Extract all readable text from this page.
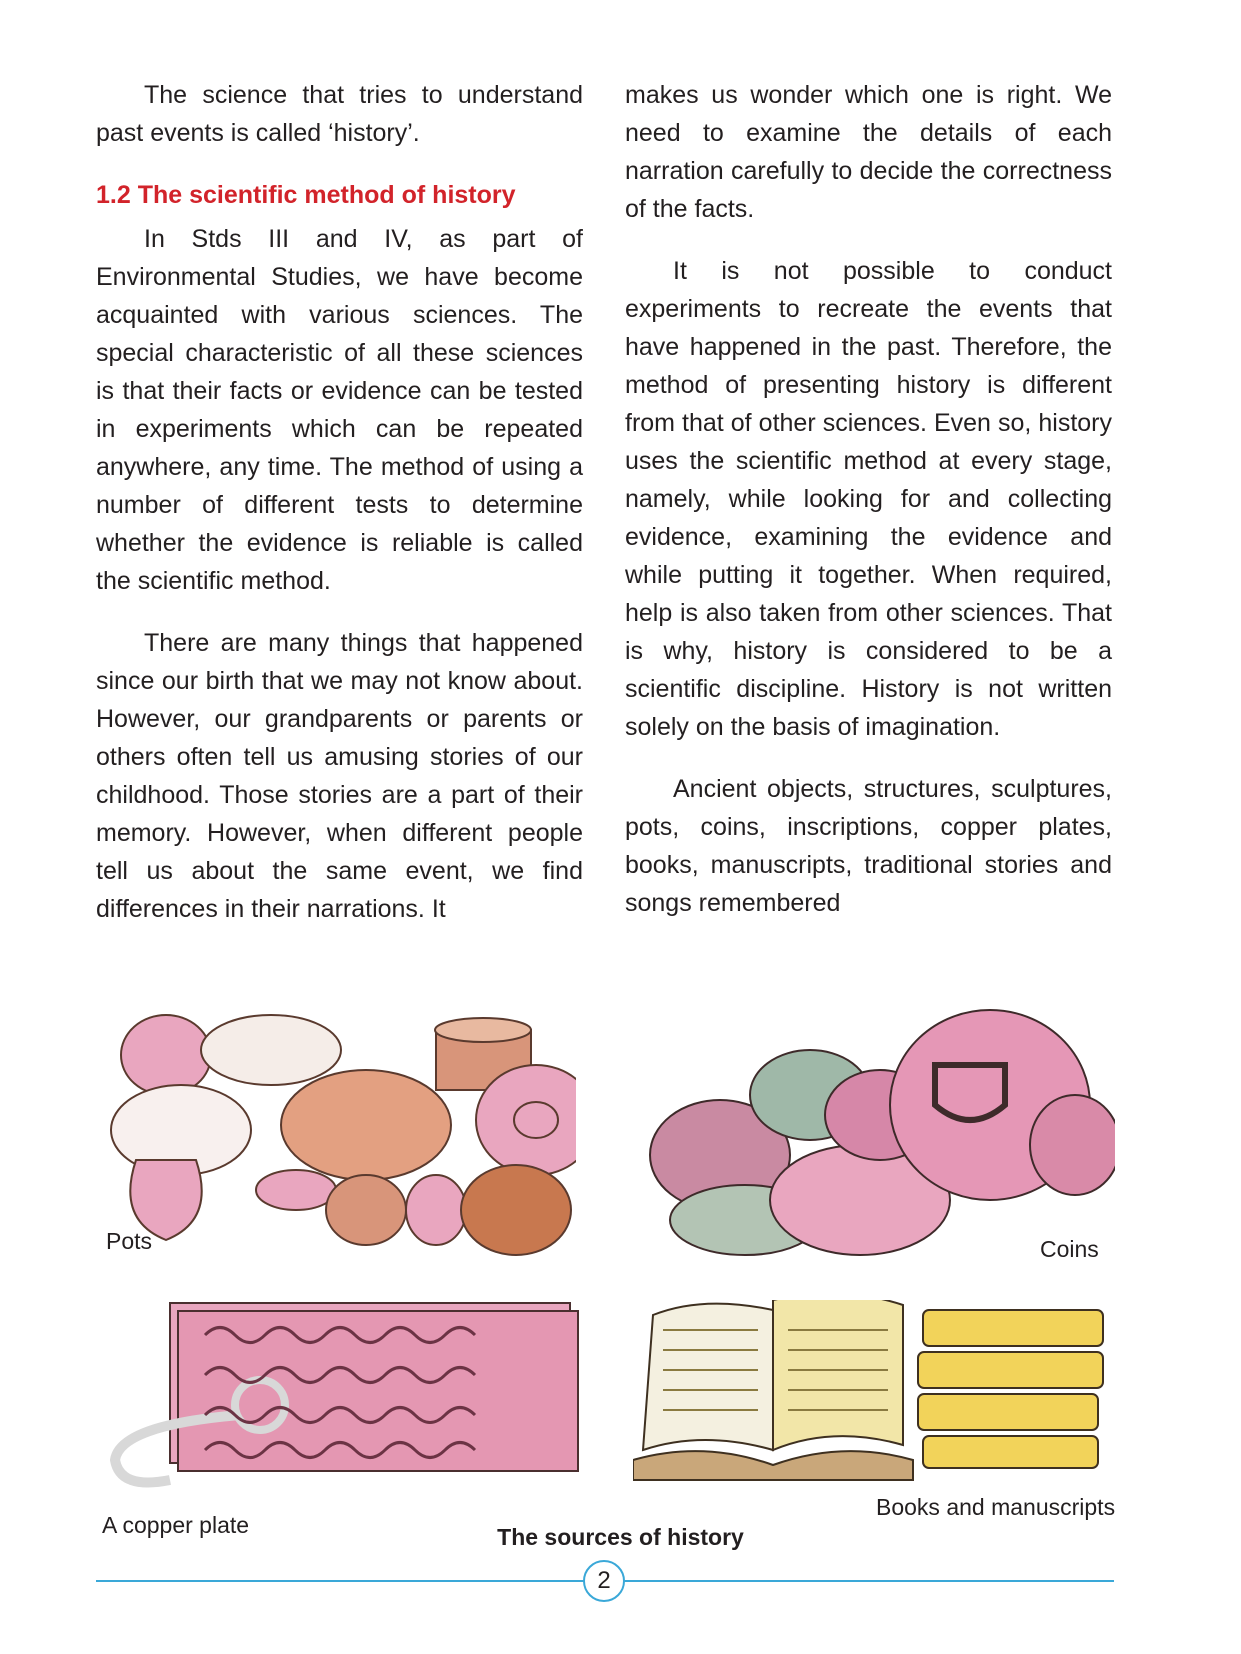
The science that tries to understand past events is called ‘history’.

1.2 The scientific method of history

In Stds III and IV, as part of Environmental Studies, we have become acquainted with various sciences. The special characteristic of all these sciences is that their facts or evidence can be tested in experiments which can be repeated anywhere, any time. The method of using a number of different tests to determine whether the evidence is reliable is called the scientific method.

There are many things that happened since our birth that we may not know about. However, our grandparents or parents or others often tell us amusing stories of our childhood. Those stories are a part of their memory. However, when different people tell us about the same event, we find differences in their narrations. It

makes us wonder which one is right. We need to examine the details of each narration carefully to decide the correctness of the facts.

It is not possible to conduct experiments to recreate the events that have happened in the past. Therefore, the method of presenting history is different from that of other sciences. Even so, history uses the scientific method at every stage, namely, while looking for and collecting evidence, examining the evidence and while putting it together. When required, help is also taken from other sciences. That is why, history is considered to be a scientific discipline. History is not written solely on the basis of imagination.

Ancient objects, structures, sculptures, pots, coins, inscriptions, copper plates, books, manuscripts, traditional stories and songs remembered

Pots	Coins
A copper plate
Books and manuscripts
The sources of history
2
